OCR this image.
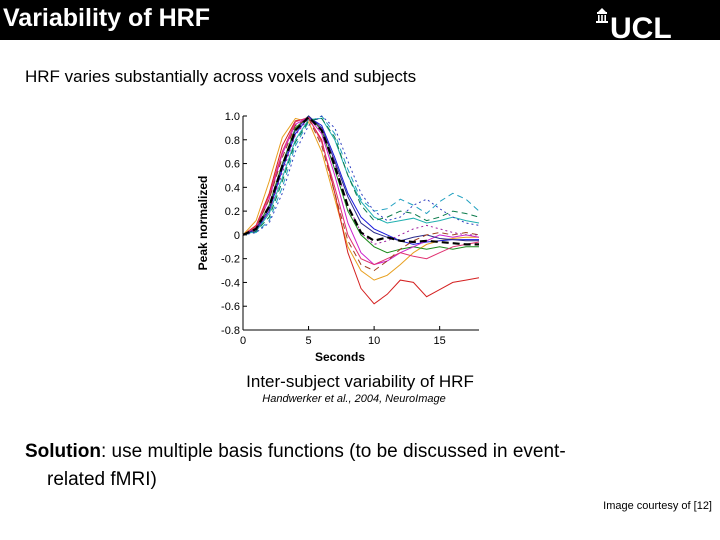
Variability of HRF	UCL
HRF varies substantially across voxels and subjects
-0.8
-0.6
-0.4
-0.2
0
0.2
0.4
0.6
0.8
1.0
0	5	10	15
Seconds
Peak normalized
Inter-subject variability of HRF
Handwerker et al., 2004, NeuroImage
Solution: use multiple basis functions (to be discussed in event-
related fMRI)
Image courtesy of [12]
